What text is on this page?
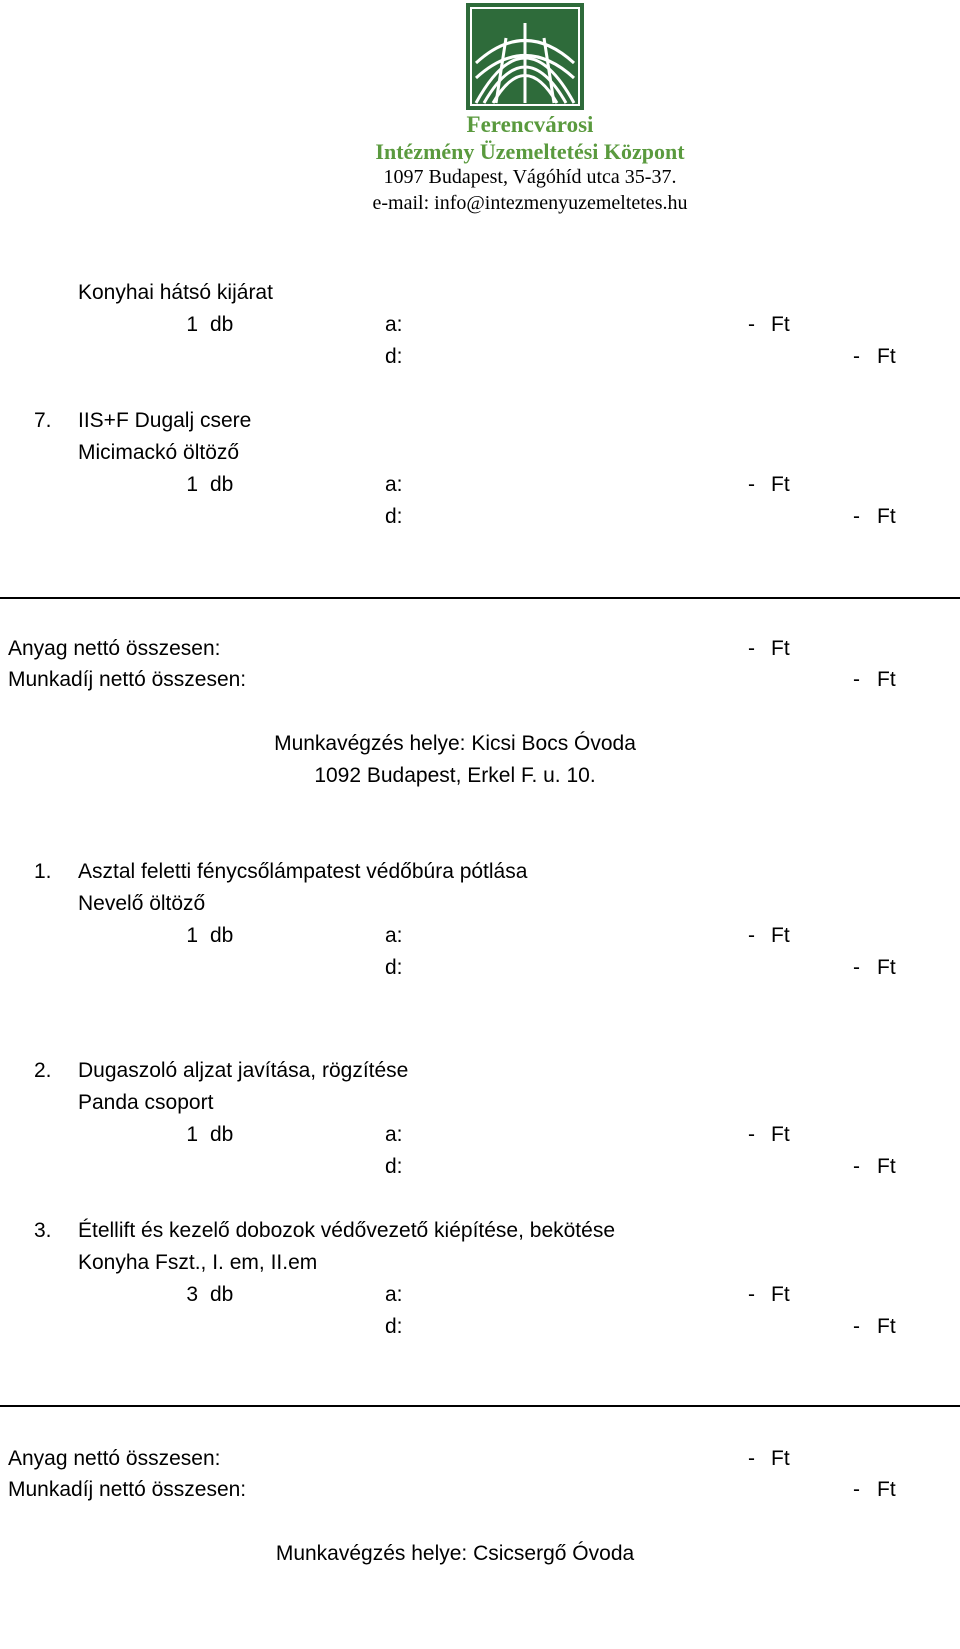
Ferencvárosi
Intézmény Üzemeltetési Központ
1097 Budapest, Vágóhíd utca 35-37.
e-mail: info@intezmenyuzemeltetes.hu
Konyhai hátsó kijárat
1 db	a:	- Ft
d:	- Ft
7. IIS+F Dugalj csere
Micimackó öltöző
1 db	a:	- Ft
d:	- Ft
Anyag nettó összesen:	- Ft
Munkadíj nettó összesen:	- Ft
Munkavégzés helye: Kicsi Bocs Óvoda
1092 Budapest, Erkel F. u. 10.
1. Asztal feletti fénycsőlámpatest védőbúra pótlása
Nevelő öltöző
1 db	a:	- Ft
d:	- Ft
2. Dugaszoló aljzat javítása, rögzítése
Panda csoport
1 db	a:	- Ft
d:	- Ft
3. Étellift és kezelő dobozok védővezető kiépítése, bekötése
Konyha Fszt., I. em, II.em
3 db	a:	- Ft
d:	- Ft
Anyag nettó összesen:	- Ft
Munkadíj nettó összesen:	- Ft
Munkavégzés helye: Csicsergő Óvoda
